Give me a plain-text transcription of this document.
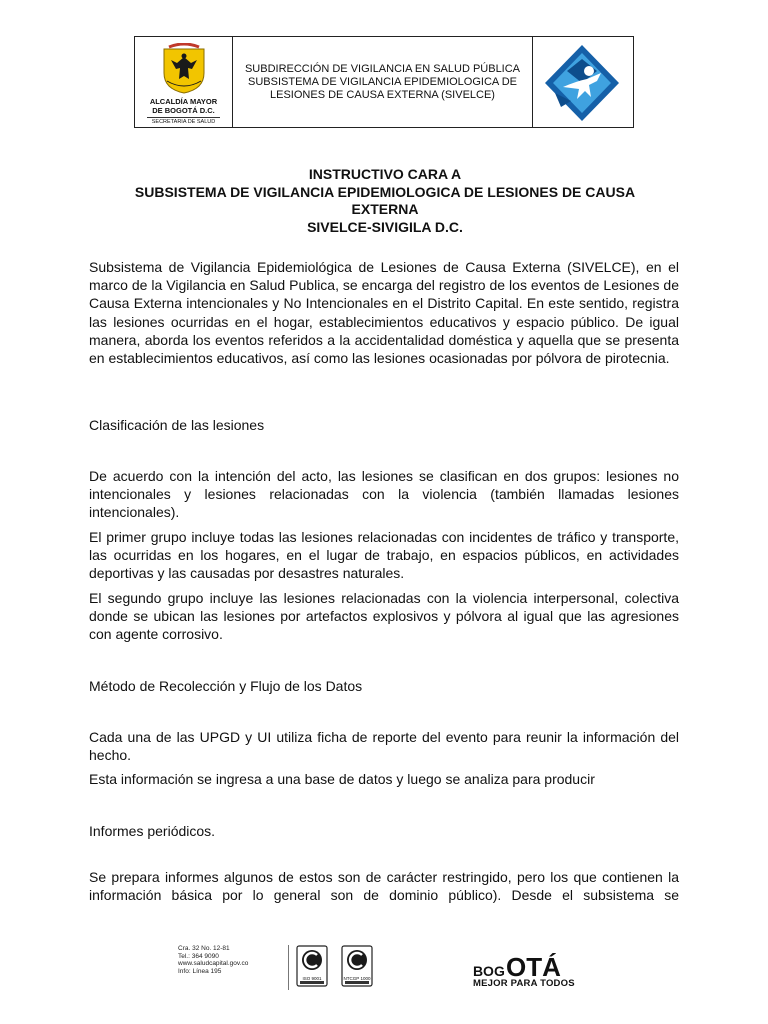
ALCALDÍA MAYOR
DE BOGOTÁ D.C.
SECRETARIA DE SALUD
SUBDIRECCIÓN DE VIGILANCIA EN SALUD PÚBLICA
SUBSISTEMA DE VIGILANCIA EPIDEMIOLOGICA DE
LESIONES DE CAUSA EXTERNA (SIVELCE)
INSTRUCTIVO CARA A
SUBSISTEMA DE VIGILANCIA EPIDEMIOLOGICA DE LESIONES DE CAUSA
EXTERNA
SIVELCE-SIVIGILA D.C.
Subsistema de Vigilancia Epidemiológica de Lesiones de Causa Externa (SIVELCE), en el marco de la Vigilancia en Salud Publica, se encarga del registro de los eventos de Lesiones de Causa Externa intencionales y No Intencionales en el Distrito Capital. En este sentido, registra las lesiones ocurridas en el hogar, establecimientos educativos y espacio público. De igual manera, aborda los eventos referidos a la accidentalidad doméstica y aquella que se presenta en establecimientos educativos, así como las lesiones ocasionadas por pólvora de pirotecnia.
Clasificación de las lesiones
De acuerdo con la intención del acto, las lesiones se clasifican en dos grupos: lesiones no intencionales y lesiones relacionadas con la violencia (también llamadas lesiones intencionales).
El primer grupo incluye todas las lesiones relacionadas con incidentes de tráfico y transporte, las ocurridas en los hogares, en el lugar de trabajo, en espacios públicos, en actividades deportivas y las causadas por desastres naturales.
El segundo grupo incluye las lesiones relacionadas con la violencia interpersonal, colectiva donde se ubican las lesiones por artefactos explosivos y pólvora al igual que las agresiones con agente corrosivo.
Método de Recolección y Flujo de los Datos
Cada una de las UPGD y UI utiliza ficha de reporte del evento para reunir la información del hecho.
Esta información se ingresa a una base de datos y luego se analiza para producir
Informes periódicos.
Se prepara informes algunos de estos son de carácter restringido, pero los que contienen la información básica por lo general son de dominio público). Desde el subsistema se
Cra. 32 No. 12-81
Tel.: 364 9090
www.saludcapital.gov.co
Info: Línea 195
ISO 9001	NTCGP 1000	B O G OTÁ
MEJOR PARA TODOS
